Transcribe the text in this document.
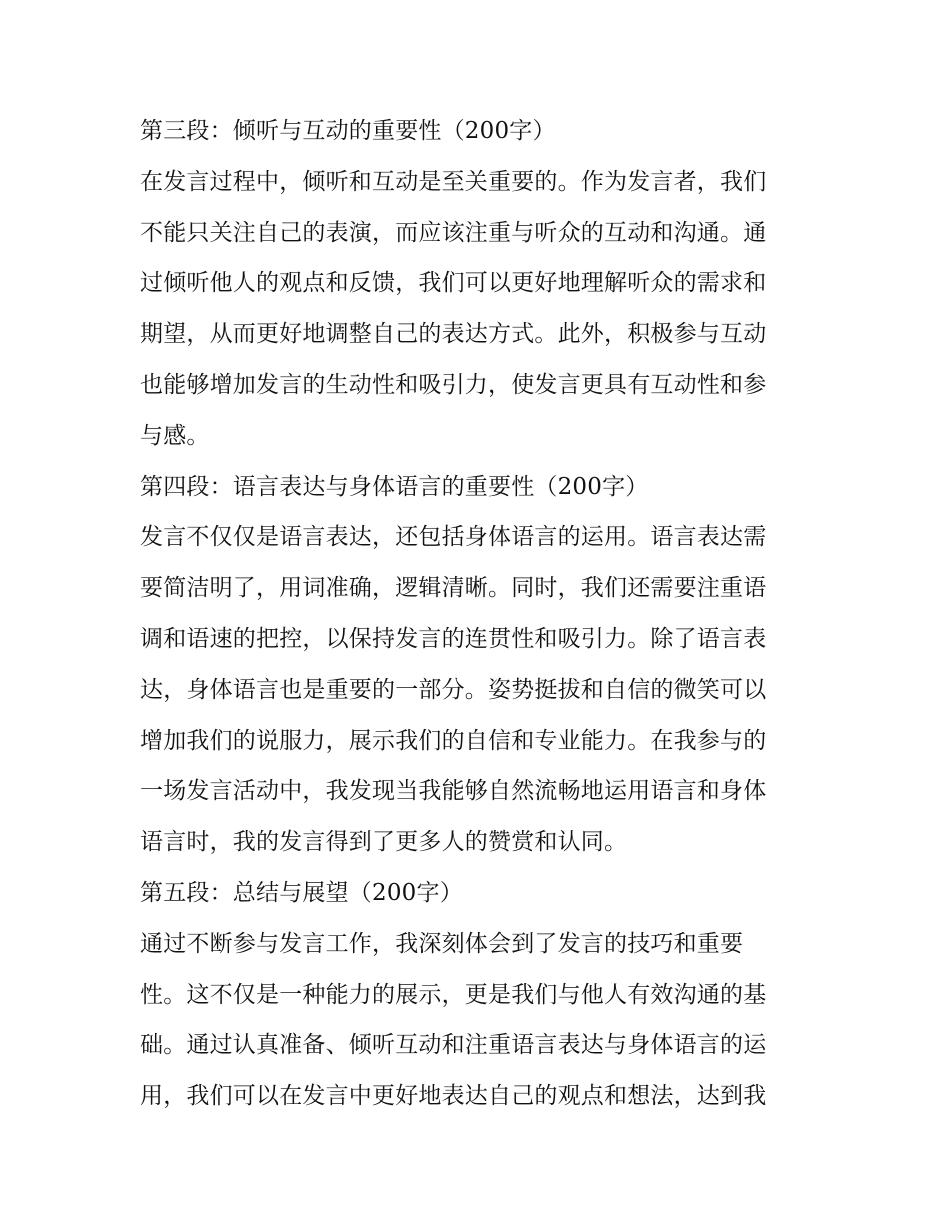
第三段：倾听与互动的重要性（200字）
在发言过程中，倾听和互动是至关重要的。作为发言者，我们
不能只关注自己的表演，而应该注重与听众的互动和沟通。通
过倾听他人的观点和反馈，我们可以更好地理解听众的需求和
期望，从而更好地调整自己的表达方式。此外，积极参与互动
也能够增加发言的生动性和吸引力，使发言更具有互动性和参
与感。
第四段：语言表达与身体语言的重要性（200字）
发言不仅仅是语言表达，还包括身体语言的运用。语言表达需
要简洁明了，用词准确，逻辑清晰。同时，我们还需要注重语
调和语速的把控，以保持发言的连贯性和吸引力。除了语言表
达，身体语言也是重要的一部分。姿势挺拔和自信的微笑可以
增加我们的说服力，展示我们的自信和专业能力。在我参与的
一场发言活动中，我发现当我能够自然流畅地运用语言和身体
语言时，我的发言得到了更多人的赞赏和认同。
第五段：总结与展望（200字）
通过不断参与发言工作，我深刻体会到了发言的技巧和重要
性。这不仅是一种能力的展示，更是我们与他人有效沟通的基
础。通过认真准备、倾听互动和注重语言表达与身体语言的运
用，我们可以在发言中更好地表达自己的观点和想法，达到我
